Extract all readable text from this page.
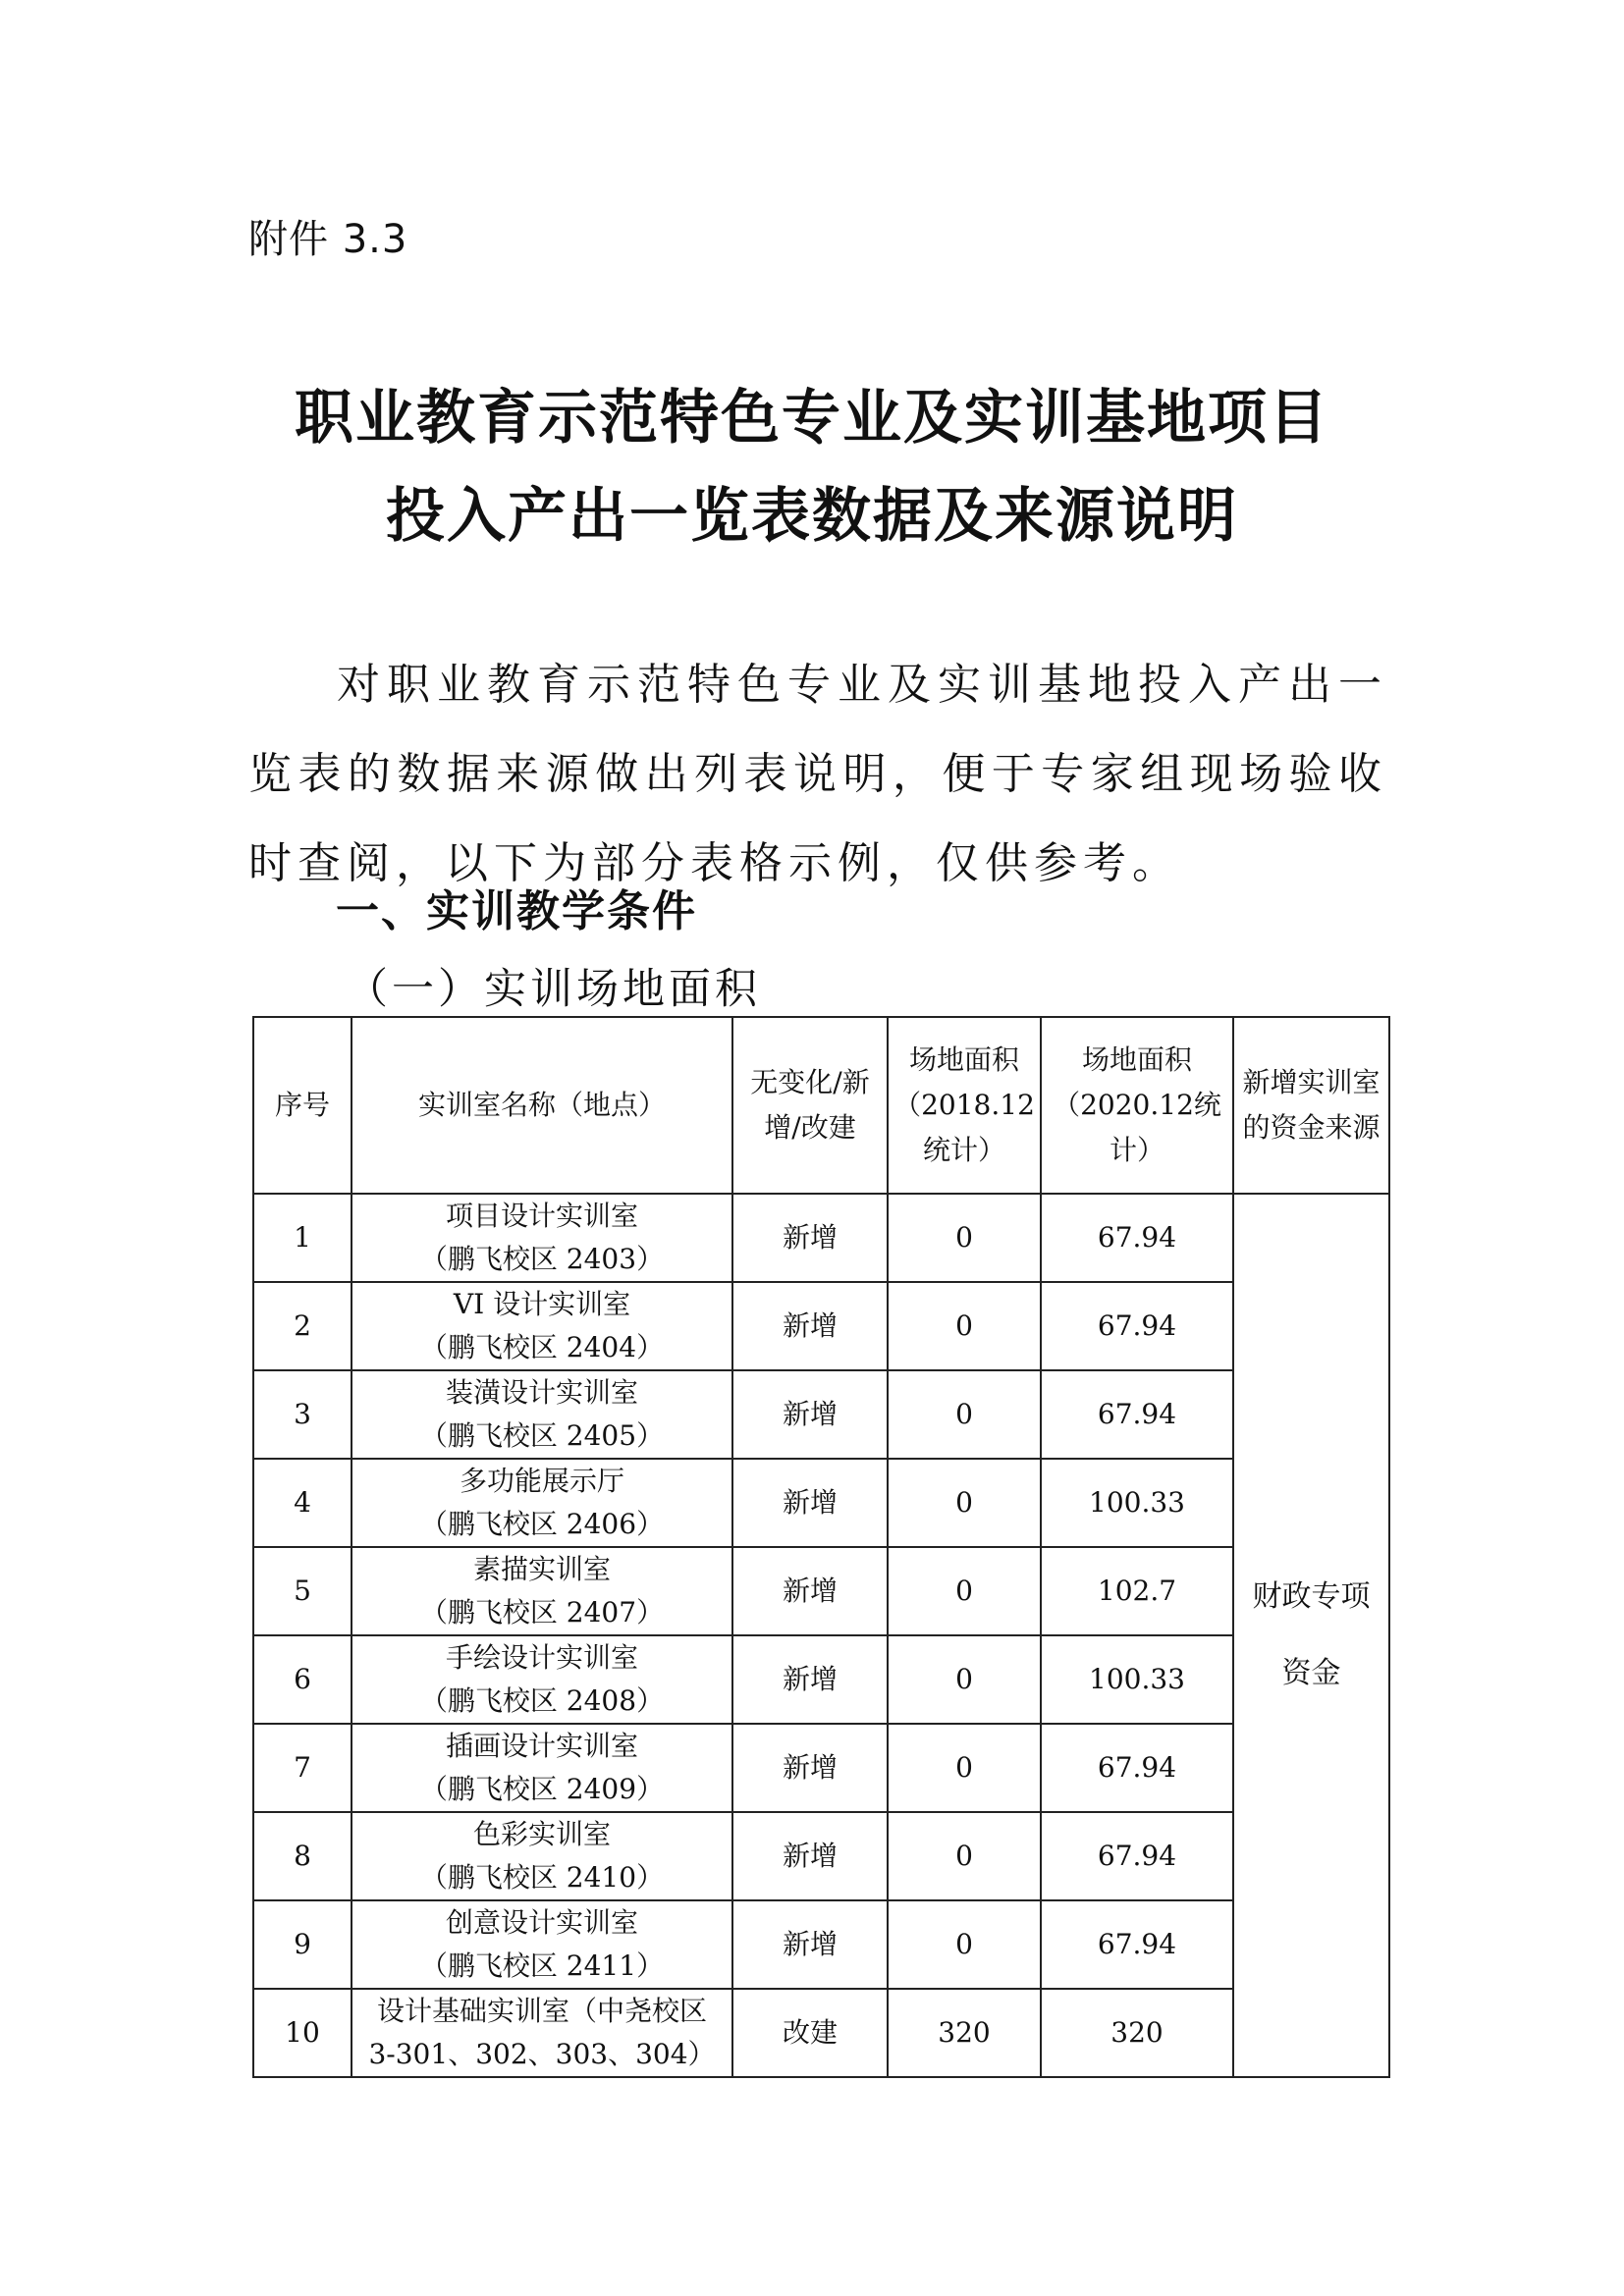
附件 3.3
职业教育示范特色专业及实训基地项目
投入产出一览表数据及来源说明

对职业教育示范特色专业及实训基地投入产出一览表的数据来源做出列表说明，便于专家组现场验收时查阅，以下为部分表格示例，仅供参考。

一、实训教学条件
（一）实训场地面积
序号	实训室名称（地点）	无变化/新增/改建	场地面积（2018.12统计）	场地面积（2020.12统计）	新增实训室的资金来源
1	项目设计实训室
（鹏飞校区 2403）	新增	0	67.94	财政专项资金
2	VI 设计实训室
（鹏飞校区 2404）	新增	0	67.94	
3	装潢设计实训室
（鹏飞校区 2405）	新增	0	67.94	
4	多功能展示厅
（鹏飞校区 2406）	新增	0	100.33	
5	素描实训室
（鹏飞校区 2407）	新增	0	102.7	
6	手绘设计实训室
（鹏飞校区 2408）	新增	0	100.33	
7	插画设计实训室
（鹏飞校区 2409）	新增	0	67.94	
8	色彩实训室
（鹏飞校区 2410）	新增	0	67.94	
9	创意设计实训室
（鹏飞校区 2411）	新增	0	67.94	
10	设计基础实训室（中尧校区
3-301、302、303、304）	改建	320	320	
